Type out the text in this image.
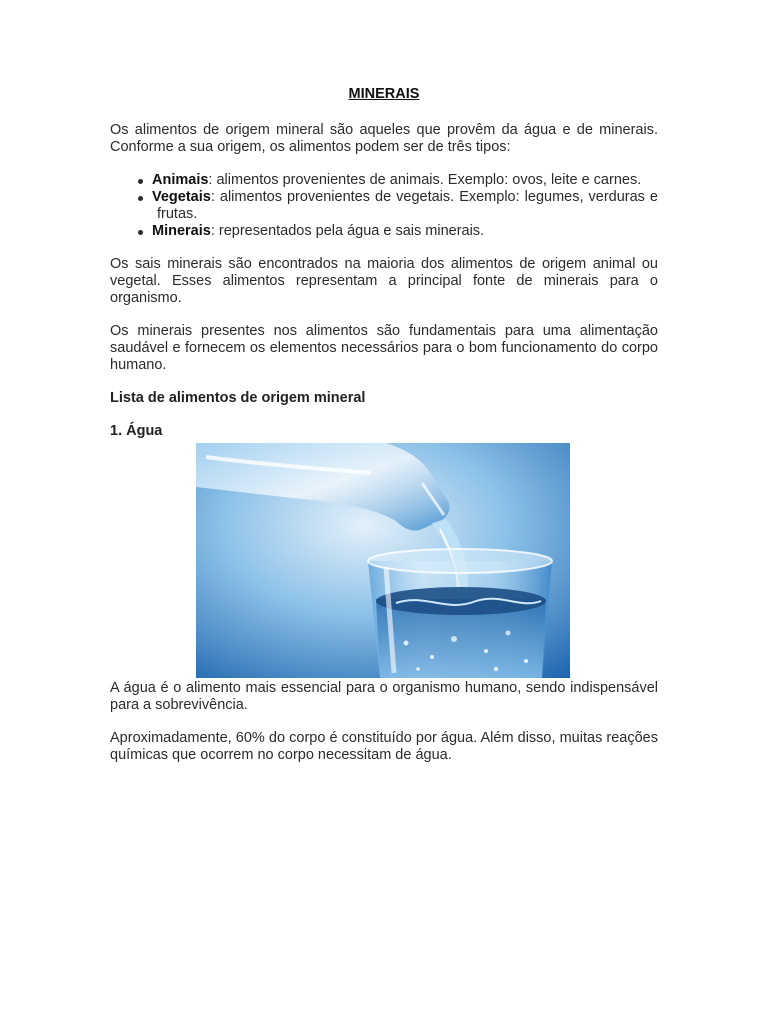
MINERAIS

Os alimentos de origem mineral são aqueles que provêm da água e de minerais. Conforme a sua origem, os alimentos podem ser de três tipos:

Animais: alimentos provenientes de animais. Exemplo: ovos, leite e carnes.
Vegetais: alimentos provenientes de vegetais. Exemplo: legumes, verduras e frutas.
Minerais: representados pela água e sais minerais.

Os sais minerais são encontrados na maioria dos alimentos de origem animal ou vegetal. Esses alimentos representam a principal fonte de minerais para o organismo.

Os minerais presentes nos alimentos são fundamentais para uma alimentação saudável e fornecem os elementos necessários para o bom funcionamento do corpo humano.

Lista de alimentos de origem mineral
1. Água

A água é o alimento mais essencial para o organismo humano, sendo indispensável para a sobrevivência.

Aproximadamente, 60% do corpo é constituído por água. Além disso, muitas reações químicas que ocorrem no corpo necessitam de água.
